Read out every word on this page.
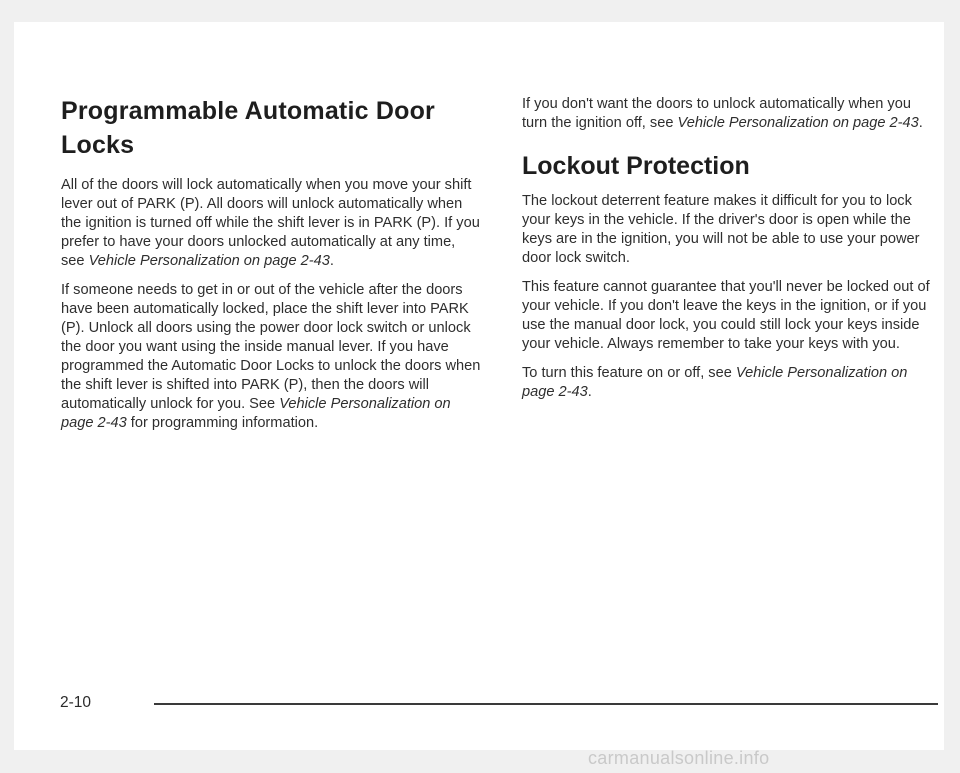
Programmable Automatic Door Locks

All of the doors will lock automatically when you move your shift lever out of PARK (P). All doors will unlock automatically when the ignition is turned off while the shift lever is in PARK (P). If you prefer to have your doors unlocked automatically at any time, see Vehicle Personalization on page 2-43.

If someone needs to get in or out of the vehicle after the doors have been automatically locked, place the shift lever into PARK (P). Unlock all doors using the power door lock switch or unlock the door you want using the inside manual lever. If you have programmed the Automatic Door Locks to unlock the doors when the shift lever is shifted into PARK (P), then the doors will automatically unlock for you. See Vehicle Personalization on page 2-43 for programming information.

If you don't want the doors to unlock automatically when you turn the ignition off, see Vehicle Personalization on page 2-43.

Lockout Protection

The lockout deterrent feature makes it difficult for you to lock your keys in the vehicle. If the driver's door is open while the keys are in the ignition, you will not be able to use your power door lock switch.

This feature cannot guarantee that you'll never be locked out of your vehicle. If you don't leave the keys in the ignition, or if you use the manual door lock, you could still lock your keys inside your vehicle. Always remember to take your keys with you.

To turn this feature on or off, see Vehicle Personalization on page 2-43.

2-10
carmanualsonline.info
